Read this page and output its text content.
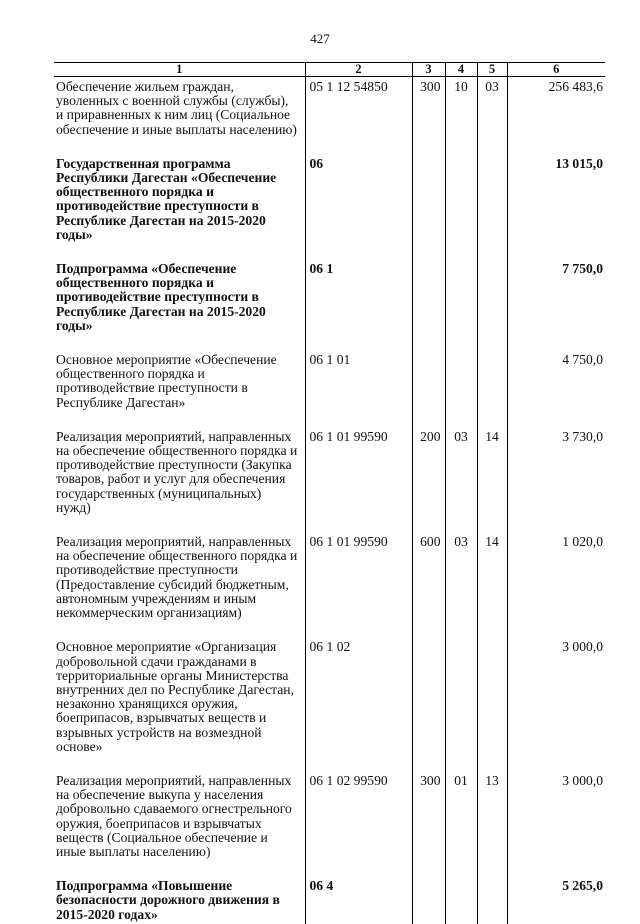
427
1	2	3	4	5	6
Обеспечение жильем граждан, уволенных с военной службы (службы), и приравненных к ним лиц (Социальное обеспечение и иные выплаты населению)	05 1 12 54850	300	10	03	256 483,6
Государственная программа Республики Дагестан «Обеспечение общественного порядка и противодействие преступности в Республике Дагестан на 2015-2020 годы»	06				13 015,0
Подпрограмма «Обеспечение общественного порядка и противодействие преступности в Республике Дагестан на 2015-2020 годы»	06 1				7 750,0
Основное мероприятие «Обеспечение общественного порядка и противодействие преступности в Республике Дагестан»	06 1 01				4 750,0
Реализация мероприятий, направленных на обеспечение общественного порядка и противодействие преступности (Закупка товаров, работ и услуг для обеспечения государственных (муниципальных) нужд)	06 1 01 99590	200	03	14	3 730,0
Реализация мероприятий, направленных на обеспечение общественного порядка и противодействие преступности (Предоставление субсидий бюджетным, автономным учреждениям и иным некоммерческим организациям)	06 1 01 99590	600	03	14	1 020,0
Основное мероприятие «Организация добровольной сдачи гражданами в территориальные органы Министерства внутренних дел по Республике Дагестан, незаконно хранящихся оружия, боеприпасов, взрывчатых веществ и взрывных устройств на возмездной основе»	06 1 02				3 000,0
Реализация мероприятий, направленных на обеспечение выкупа у населения добровольно сдаваемого огнестрельного оружия, боеприпасов и взрывчатых веществ (Социальное обеспечение и иные выплаты населению)	06 1 02 99590	300	01	13	3 000,0
Подпрограмма «Повышение безопасности дорожного движения в 2015-2020 годах»	06 4				5 265,0
